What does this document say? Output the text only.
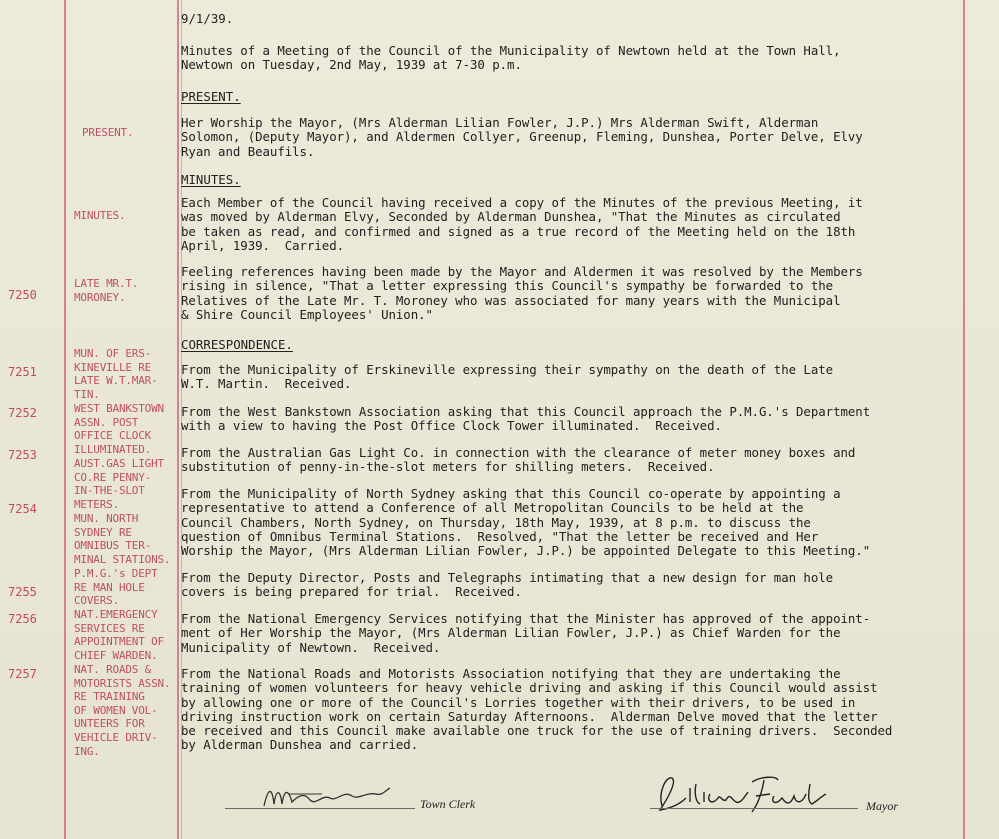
9/1/39.
Minutes of a Meeting of the Council of the Municipality of Newtown held at the Town Hall,
Newtown on Tuesday, 2nd May, 1939 at 7-30 p.m.
PRESENT.
PRESENT.
Her Worship the Mayor, (Mrs Alderman Lilian Fowler, J.P.) Mrs Alderman Swift, Alderman
Solomon, (Deputy Mayor), and Aldermen Collyer, Greenup, Fleming, Dunshea, Porter Delve, Elvy
Ryan and Beaufils.
MINUTES.
MINUTES.
Each Member of the Council having received a copy of the Minutes of the previous Meeting, it
was moved by Alderman Elvy, Seconded by Alderman Dunshea, "That the Minutes as circulated
be taken as read, and confirmed and signed as a true record of the Meeting held on the 18th
April, 1939.  Carried.
7250
LATE MR.T.
MORONEY.
Feeling references having been made by the Mayor and Aldermen it was resolved by the Members
rising in silence, "That a letter expressing this Council's sympathy be forwarded to the
Relatives of the Late Mr. T. Moroney who was associated for many years with the Municipal
& Shire Council Employees' Union."
CORRESPONDENCE.
7251
MUN. OF ERS-
KINEVILLE RE
LATE W.T.MAR-
TIN.
From the Municipality of Erskineville expressing their sympathy on the death of the Late
W.T. Martin.  Received.
7252	WEST BANKSTOWN
ASSN. POST
OFFICE CLOCK
ILLUMINATED.
From the West Bankstown Association asking that this Council approach the P.M.G.'s Department
with a view to having the Post Office Clock Tower illuminated.  Received.
7253
AUST.GAS LIGHT
CO.RE PENNY-
IN-THE-SLOT
METERS.
From the Australian Gas Light Co. in connection with the clearance of meter money boxes and
substitution of penny-in-the-slot meters for shilling meters.  Received.
7254
MUN. NORTH
SYDNEY RE
OMNIBUS TER-
MINAL STATIONS.
From the Municipality of North Sydney asking that this Council co-operate by appointing a
representative to attend a Conference of all Metropolitan Councils to be held at the
Council Chambers, North Sydney, on Thursday, 18th May, 1939, at 8 p.m. to discuss the
question of Omnibus Terminal Stations.  Resolved, "That the letter be received and Her
Worship the Mayor, (Mrs Alderman Lilian Fowler, J.P.) be appointed Delegate to this Meeting."
7255
P.M.G.'s DEPT
RE MAN HOLE
COVERS.
From the Deputy Director, Posts and Telegraphs intimating that a new design for man hole
covers is being prepared for trial.  Received.
7256	NAT.EMERGENCY
SERVICES RE
APPOINTMENT OF
CHIEF WARDEN.
From the National Emergency Services notifying that the Minister has approved of the appoint-
ment of Her Worship the Mayor, (Mrs Alderman Lilian Fowler, J.P.) as Chief Warden for the
Municipality of Newtown.  Received.
7257	NAT. ROADS &
MOTORISTS ASSN.
RE TRAINING
OF WOMEN VOL-
UNTEERS FOR
VEHICLE DRIV-
ING.
From the National Roads and Motorists Association notifying that they are undertaking the
training of women volunteers for heavy vehicle driving and asking if this Council would assist
by allowing one or more of the Council's Lorries together with their drivers, to be used in
driving instruction work on certain Saturday Afternoons.  Alderman Delve moved that the letter
be received and this Council make available one truck for the use of training drivers.  Seconded
by Alderman Dunshea and carried.
Town Clerk	Mayor
